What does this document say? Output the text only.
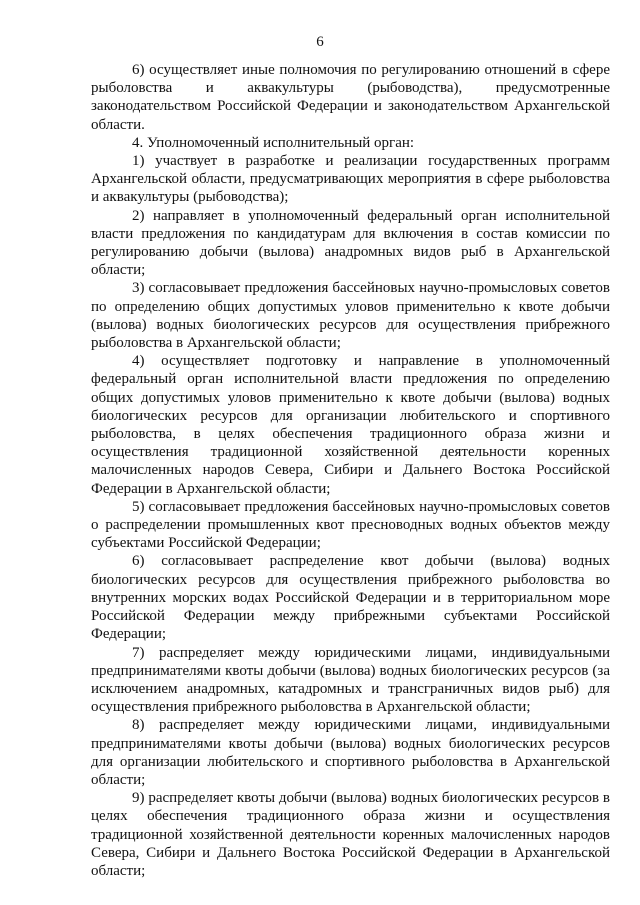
6

6) осуществляет иные полномочия по регулированию отношений в сфере рыболовства и аквакультуры (рыбоводства), предусмотренные законодательством Российской Федерации и законодательством Архангельской области.

4. Уполномоченный исполнительный орган:

1) участвует в разработке и реализации государственных программ Архангельской области, предусматривающих мероприятия в сфере рыболовства и аквакультуры (рыбоводства);

2) направляет в уполномоченный федеральный орган исполнительной власти предложения по кандидатурам для включения в состав комиссии по регулированию добычи (вылова) анадромных видов рыб в Архангельской области;

3) согласовывает предложения бассейновых научно-промысловых советов по определению общих допустимых уловов применительно к квоте добычи (вылова) водных биологических ресурсов для осуществления прибрежного рыболовства в Архангельской области;

4) осуществляет подготовку и направление в уполномоченный федеральный орган исполнительной власти предложения по определению общих допустимых уловов применительно к квоте добычи (вылова) водных биологических ресурсов для организации любительского и спортивного рыболовства, в целях обеспечения традиционного образа жизни и осуществления традиционной хозяйственной деятельности коренных малочисленных народов Севера, Сибири и Дальнего Востока Российской Федерации в Архангельской области;

5) согласовывает предложения бассейновых научно-промысловых советов о распределении промышленных квот пресноводных водных объектов между субъектами Российской Федерации;

6) согласовывает распределение квот добычи (вылова) водных биологических ресурсов для осуществления прибрежного рыболовства во внутренних морских водах Российской Федерации и в территориальном море Российской Федерации между прибрежными субъектами Российской Федерации;

7) распределяет между юридическими лицами, индивидуальными предпринимателями квоты добычи (вылова) водных биологических ресурсов (за исключением анадромных, катадромных и трансграничных видов рыб) для осуществления прибрежного рыболовства в Архангельской области;

8) распределяет между юридическими лицами, индивидуальными предпринимателями квоты добычи (вылова) водных биологических ресурсов для организации любительского и спортивного рыболовства в Архангельской области;

9) распределяет квоты добычи (вылова) водных биологических ресурсов в целях обеспечения традиционного образа жизни и осуществления традиционной хозяйственной деятельности коренных малочисленных народов Севера, Сибири и Дальнего Востока Российской Федерации в Архангельской области;
